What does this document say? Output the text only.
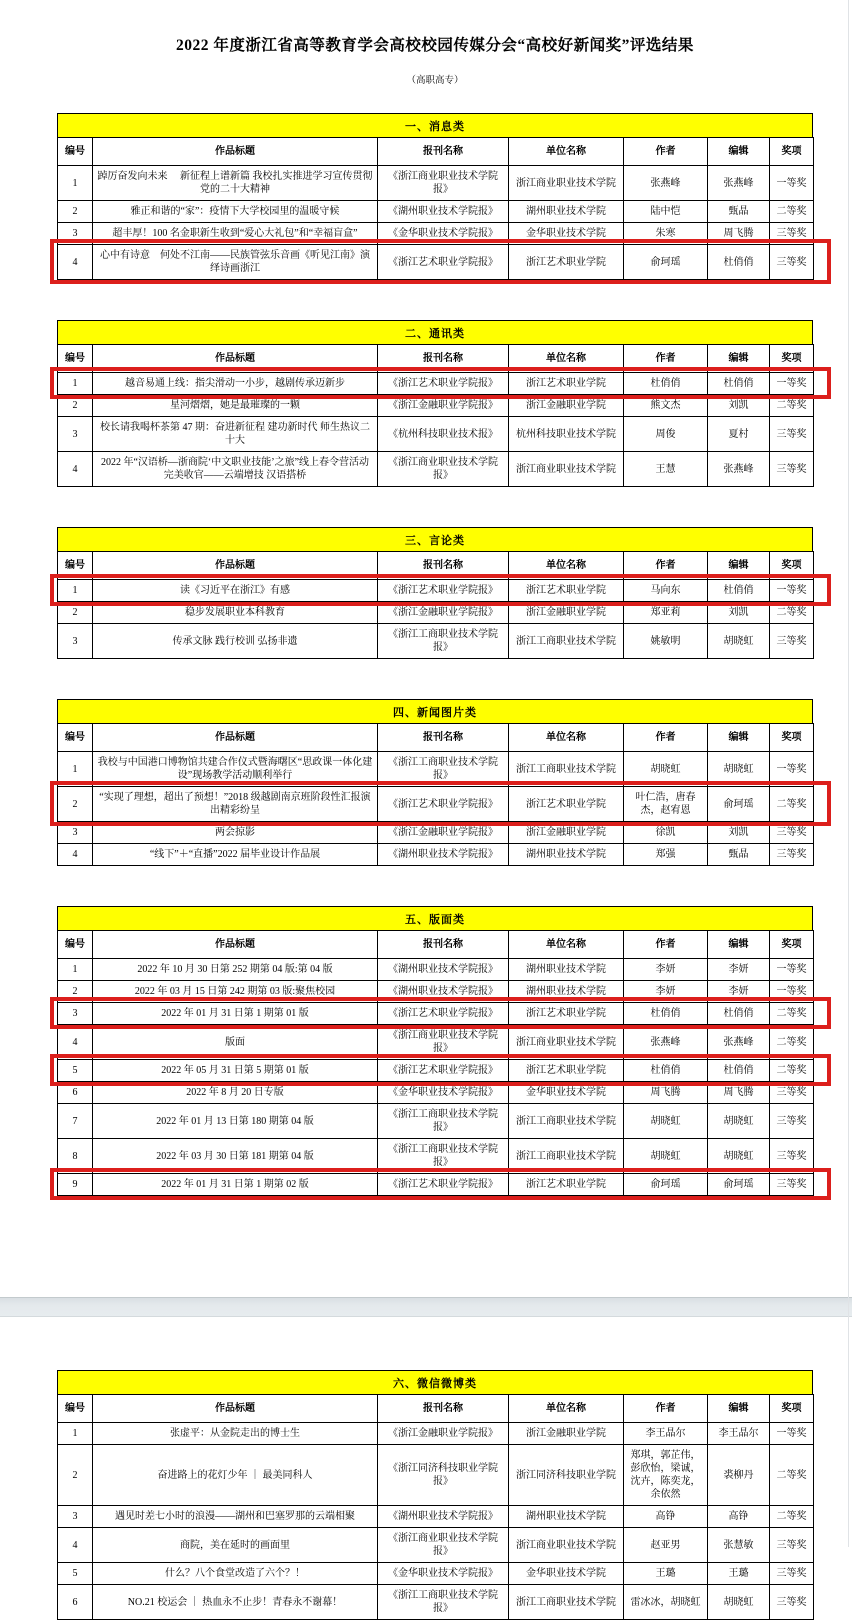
2022 年度浙江省高等教育学会高校校园传媒分会“高校好新闻奖”评选结果
（高职高专）
一、消息类
编号	作品标题	报刊名称	单位名称	作者	编辑	奖项
1	踔厉奋发向未来　 新征程上谱新篇 我校扎实推进学习宣传贯彻党的二十大精神	《浙江商业职业技术学院报》	浙江商业职业技术学院	张燕峰	张燕峰	一等奖
2	雅正和谐的“家”：疫情下大学校园里的温暖守候	《湖州职业技术学院报》	湖州职业技术学院	陆中恺	甄晶	二等奖
3	超丰厚！100 名金职新生收到“爱心大礼包”和“幸福盲盒”	《金华职业技术学院报》	金华职业技术学院	朱寒	周飞腾	三等奖
4	心中有诗意　何处不江南——民族管弦乐音画《听见江南》演绎诗画浙江	《浙江艺术职业学院报》	浙江艺术职业学院	俞珂瑶	杜俏俏	三等奖
二、通讯类
编号	作品标题	报刊名称	单位名称	作者	编辑	奖项
1	越音易通上线：指尖滑动一小步，越剧传承迈新步	《浙江艺术职业学院报》	浙江艺术职业学院	杜俏俏	杜俏俏	一等奖
2	星河熠熠，她是最璀璨的一颗	《浙江金融职业学院报》	浙江金融职业学院	熊文杰	刘凯	二等奖
3	校长请我喝杯茶第 47 期：奋进新征程 建功新时代 师生热议二十大	《杭州科技职业技术报》	杭州科技职业技术学院	周俊	夏村	三等奖
4	2022 年“汉语桥—浙商院‘中文职业技能’之旅”线上春令营活动完美收官——云端增技 汉语搭桥	《浙江商业职业技术学院报》	浙江商业职业技术学院	王慧	张燕峰	三等奖
三、言论类
编号	作品标题	报刊名称	单位名称	作者	编辑	奖项
1	读《习近平在浙江》有感	《浙江艺术职业学院报》	浙江艺术职业学院	马向东	杜俏俏	一等奖
2	稳步发展职业本科教育	《浙江金融职业学院报》	浙江金融职业学院	郑亚莉	刘凯	二等奖
3	传承文脉 践行校训 弘扬非遗	《浙江工商职业技术学院报》	浙江工商职业技术学院	姚敏明	胡晓虹	三等奖
四、新闻图片类
编号	作品标题	报刊名称	单位名称	作者	编辑	奖项
1	我校与中国港口博物馆共建合作仪式暨海曙区“思政课一体化建设”现场教学活动顺利举行	《浙江工商职业技术学院报》	浙江工商职业技术学院	胡晓虹	胡晓虹	一等奖
2	“实现了理想，超出了预想！”2018 级越剧南京班阶段性汇报演出精彩纷呈	《浙江艺术职业学院报》	浙江艺术职业学院	叶仁浩，唐春杰，赵宥恩	俞珂瑶	二等奖
3	两会掠影	《浙江金融职业学院报》	浙江金融职业学院	徐凯	刘凯	三等奖
4	“线下”＋“直播”2022 届毕业设计作品展	《湖州职业技术学院报》	湖州职业技术学院	郑强	甄晶	三等奖
五、版面类
编号	作品标题	报刊名称	单位名称	作者	编辑	奖项
1	2022 年 10 月 30 日第 252 期第 04 版:第 04 版	《湖州职业技术学院报》	湖州职业技术学院	李妍	李妍	一等奖
2	2022 年 03 月 15 日第 242 期第 03 版:聚焦校园	《湖州职业技术学院报》	湖州职业技术学院	李妍	李妍	一等奖
3	2022 年 01 月 31 日第 1 期第 01 版	《浙江艺术职业学院报》	浙江艺术职业学院	杜俏俏	杜俏俏	二等奖
4	版面	《浙江商业职业技术学院报》	浙江商业职业技术学院	张燕峰	张燕峰	二等奖
5	2022 年 05 月 31 日第 5 期第 01 版	《浙江艺术职业学院报》	浙江艺术职业学院	杜俏俏	杜俏俏	二等奖
6	2022 年 8 月 20 日专版	《金华职业技术学院报》	金华职业技术学院	周飞腾	周飞腾	三等奖
7	2022 年 01 月 13 日第 180 期第 04 版	《浙江工商职业技术学院报》	浙江工商职业技术学院	胡晓虹	胡晓虹	三等奖
8	2022 年 03 月 30 日第 181 期第 04 版	《浙江工商职业技术学院报》	浙江工商职业技术学院	胡晓虹	胡晓虹	三等奖
9	2022 年 01 月 31 日第 1 期第 02 版	《浙江艺术职业学院报》	浙江艺术职业学院	俞珂瑶	俞珂瑶	三等奖
六、微信微博类
编号	作品标题	报刊名称	单位名称	作者	编辑	奖项
1	张虚平：从金院走出的博士生	《浙江金融职业学院报》	浙江金融职业学院	李王晶尔	李王晶尔	一等奖
2	奋进路上的花灯少年 ｜ 最美同科人	《浙江同济科技职业学院报》	浙江同济科技职业学院	郑琪，郭芷伟，彭欣怡，梁诚，沈卉，陈奕龙，余依然	裘柳丹	二等奖
3	遇见时差七小时的浪漫——湖州和巴塞罗那的云端相聚	《湖州职业技术学院报》	湖州职业技术学院	高铮	高铮	二等奖
4	商院，美在延时的画面里	《浙江商业职业技术学院报》	浙江商业职业技术学院	赵亚男	张慧敏	三等奖
5	什么？八个食堂改造了六个？！	《金华职业技术学院报》	金华职业技术学院	王璐	王璐	三等奖
6	NO.21 校运会 ｜ 热血永不止步！青春永不谢幕！	《浙江工商职业技术学院报》	浙江工商职业技术学院	雷冰冰，胡晓虹	胡晓虹	三等奖
